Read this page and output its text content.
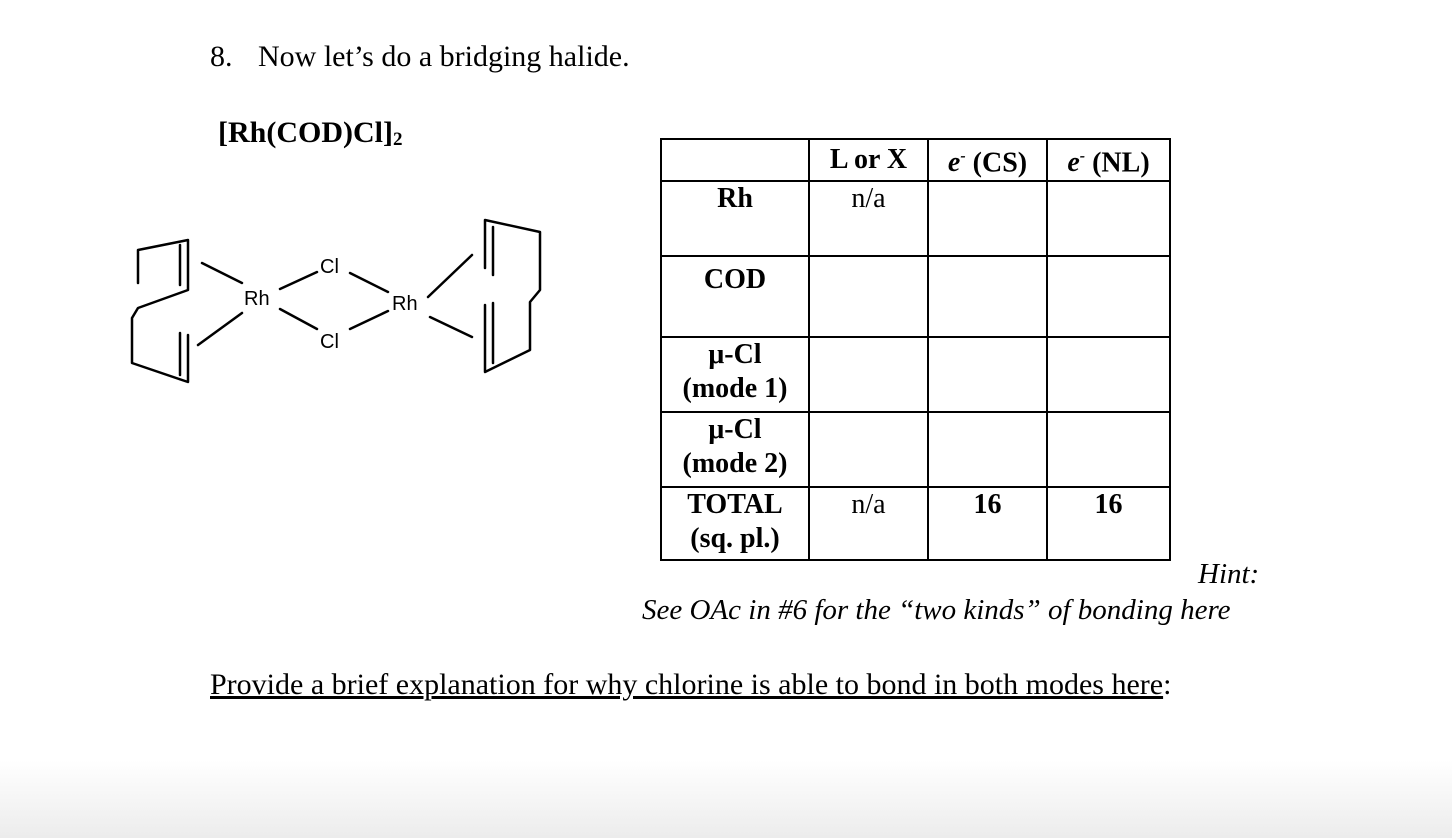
8. Now let’s do a bridging halide.
$[Rh(COD)Cl]_2$
Rh	Rh
Cl
Cl
	L or X	e- (CS)	e- (NL)
Rh	n/a		
COD			

μ-Cl
(mode 1)			

μ-Cl
(mode 2)			

TOTAL
(sq. pl.)	n/a	16	16
Hint:
See OAc in #6 for the “two kinds” of bonding here
Provide a brief explanation for why chlorine is able to bond in both modes here:
